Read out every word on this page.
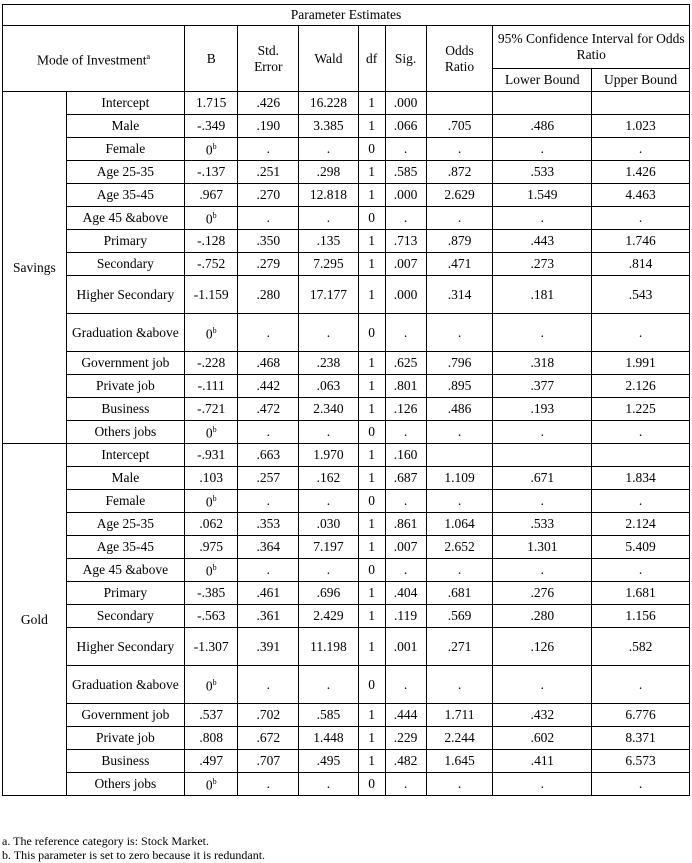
Parameter Estimates									
Mode of Investment$^a$		B	Std. Error	Wald	df	Sig.	Odds Ratio	95% Confidence Interval for Odds Ratio	
								Lower Bound	Upper Bound
Savings	Intercept	1.715	.426	16.228	1	.000			
	Male	-.349	.190	3.385	1	.066	.705	.486	1.023
	Female	0$^b$	.	.	0	.	.	.	.
	Age 25-35	-.137	.251	.298	1	.585	.872	.533	1.426
	Age 35-45	.967	.270	12.818	1	.000	2.629	1.549	4.463
	Age 45 &above	0$^b$	.	.	0	.	.	.	.
	Primary	-.128	.350	.135	1	.713	.879	.443	1.746
	Secondary	-.752	.279	7.295	1	.007	.471	.273	.814
	Higher Secondary	-1.159	.280	17.177	1	.000	.314	.181	.543
	Graduation &above	0$^b$	.	.	0	.	.	.	.
	Government job	-.228	.468	.238	1	.625	.796	.318	1.991
	Private job	-.111	.442	.063	1	.801	.895	.377	2.126
	Business	-.721	.472	2.340	1	.126	.486	.193	1.225
	Others jobs	0$^b$	.	.	0	.	.	.	.
Gold	Intercept	-.931	.663	1.970	1	.160			
	Male	.103	.257	.162	1	.687	1.109	.671	1.834
	Female	0$^b$	.	.	0	.	.	.	.
	Age 25-35	.062	.353	.030	1	.861	1.064	.533	2.124
	Age 35-45	.975	.364	7.197	1	.007	2.652	1.301	5.409
	Age 45 &above	0$^b$	.	.	0	.	.	.	.
	Primary	-.385	.461	.696	1	.404	.681	.276	1.681
	Secondary	-.563	.361	2.429	1	.119	.569	.280	1.156
	Higher Secondary	-1.307	.391	11.198	1	.001	.271	.126	.582
	Graduation &above	0$^b$	.	.	0	.	.	.	.
	Government job	.537	.702	.585	1	.444	1.711	.432	6.776
	Private job	.808	.672	1.448	1	.229	2.244	.602	8.371
	Business	.497	.707	.495	1	.482	1.645	.411	6.573
	Others jobs	0$^b$	.	.	0	.	.	.	.
a. The reference category is: Stock Market.
b. This parameter is set to zero because it is redundant.
